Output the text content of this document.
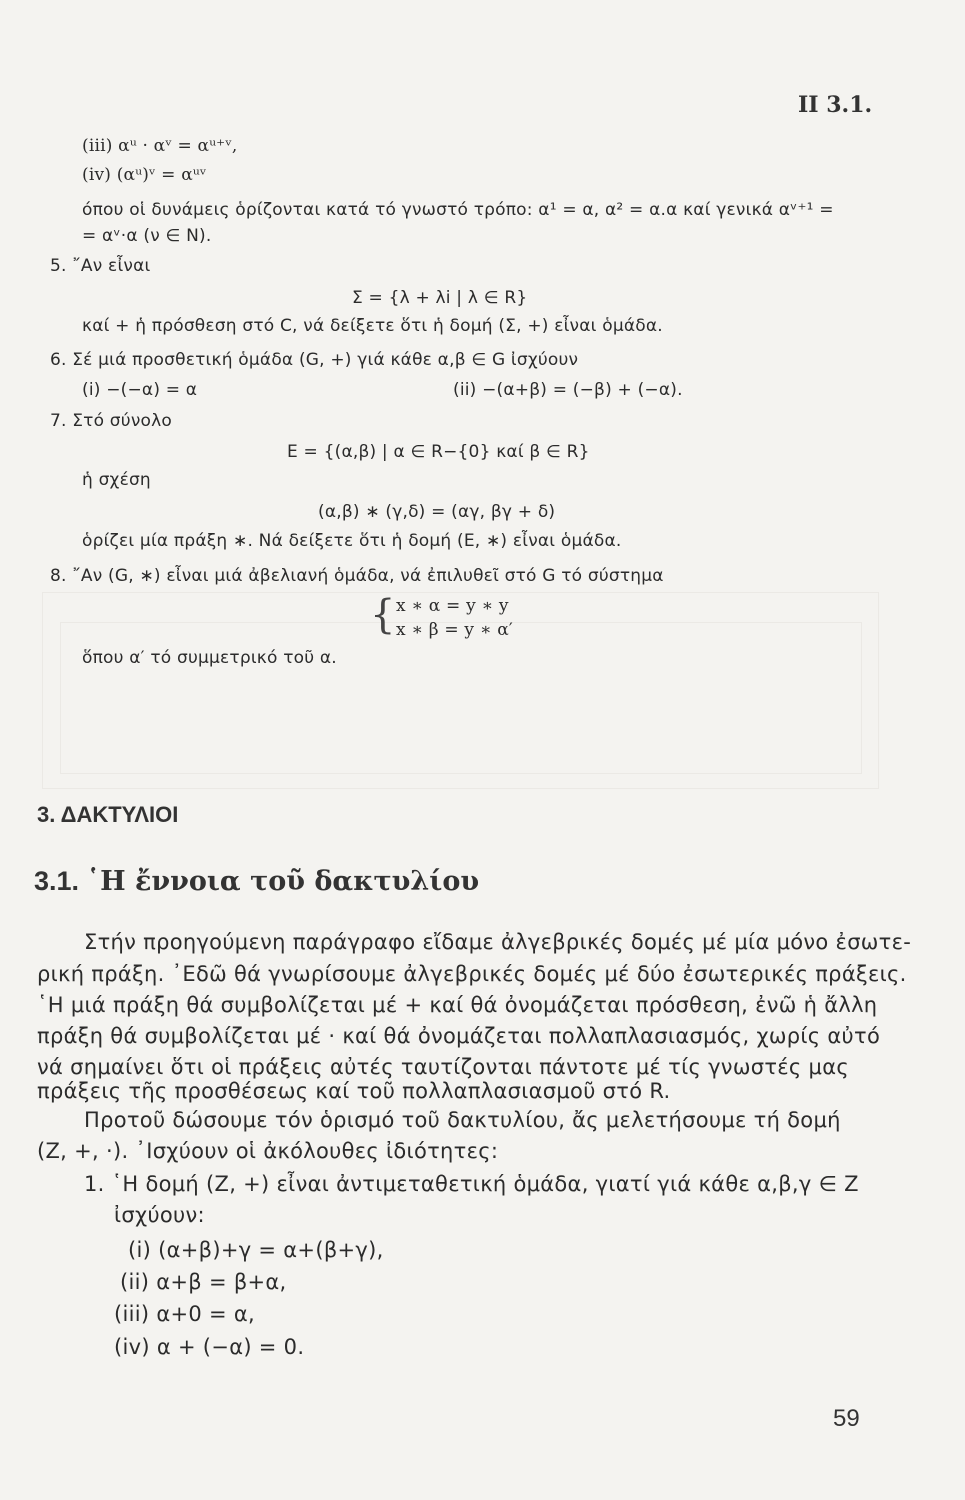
II 3.1.
(iii) αᵘ · αᵛ = αᵘ⁺ᵛ,
(iv) (αᵘ)ᵛ = αᵘᵛ
όπου οἱ δυνάμεις ὁρίζονται κατά τό γνωστό τρόπο: α¹ = α, α² = α.α καί γενικά αᵛ⁺¹ =
= αᵛ·α (ν ∈ N).
5. ῎Αν εἶναι
Σ = {λ + λi | λ ∈ R}
καί + ἡ πρόσθεση στό C, νά δείξετε ὅτι ἡ δομή (Σ, +) εἶναι ὁμάδα.
6. Σέ μιά προσθετική ὁμάδα (G, +) γιά κάθε α,β ∈ G ἰσχύουν
(i) −(−α) = α	(ii) −(α+β) = (−β) + (−α).
7. Στό σύνολο
E = {(α,β) | α ∈ R−{0} καί β ∈ R}
ἡ σχέση
(α,β) ∗ (γ,δ) = (αγ, βγ + δ)
ὁρίζει μία πράξη ∗. Νά δείξετε ὅτι ἡ δομή (E, ∗) εἶναι ὁμάδα.
8. ῎Αν (G, ∗) εἶναι μιά ἀβελιανή ὁμάδα, νά ἐπιλυθεῖ στό G τό σύστημα
{ x ∗ α = y ∗ y
x ∗ β = y ∗ α′
ὅπου α′ τό συμμετρικό τοῦ α.
3. ΔΑΚΤΥΛΙΟΙ
3.1. ῾Η ἔννοια τοῦ δακτυλίου
Στήν προηγούμενη παράγραφο εἴδαμε ἀλγεβρικές δομές μέ μία μόνο ἐσωτε-
ρική πράξη. ᾿Εδῶ θά γνωρίσουμε ἀλγεβρικές δομές μέ δύο ἐσωτερικές πράξεις.
῾Η μιά πράξη θά συμβολίζεται μέ + καί θά ὀνομάζεται πρόσθεση, ἐνῶ ἡ ἄλλη
πράξη θά συμβολίζεται μέ · καί θά ὀνομάζεται πολλαπλασιασμός, χωρίς αὐτό
νά σημαίνει ὅτι οἱ πράξεις αὐτές ταυτίζονται πάντοτε μέ τίς γνωστές μας
πράξεις τῆς προσθέσεως καί τοῦ πολλαπλασιασμοῦ στό R.
Προτοῦ δώσουμε τόν ὁρισμό τοῦ δακτυλίου, ἄς μελετήσουμε τή δομή
(Z, +, ·). ᾿Ισχύουν οἱ ἀκόλουθες ἰδιότητες:
1. ῾Η δομή (Z, +) εἶναι ἀντιμεταθετική ὁμάδα, γιατί γιά κάθε α,β,γ ∈ Z
ἰσχύουν:
(i) (α+β)+γ = α+(β+γ),
(ii) α+β = β+α,
(iii) α+0 = α,
(iv) α + (−α) = 0.
59
